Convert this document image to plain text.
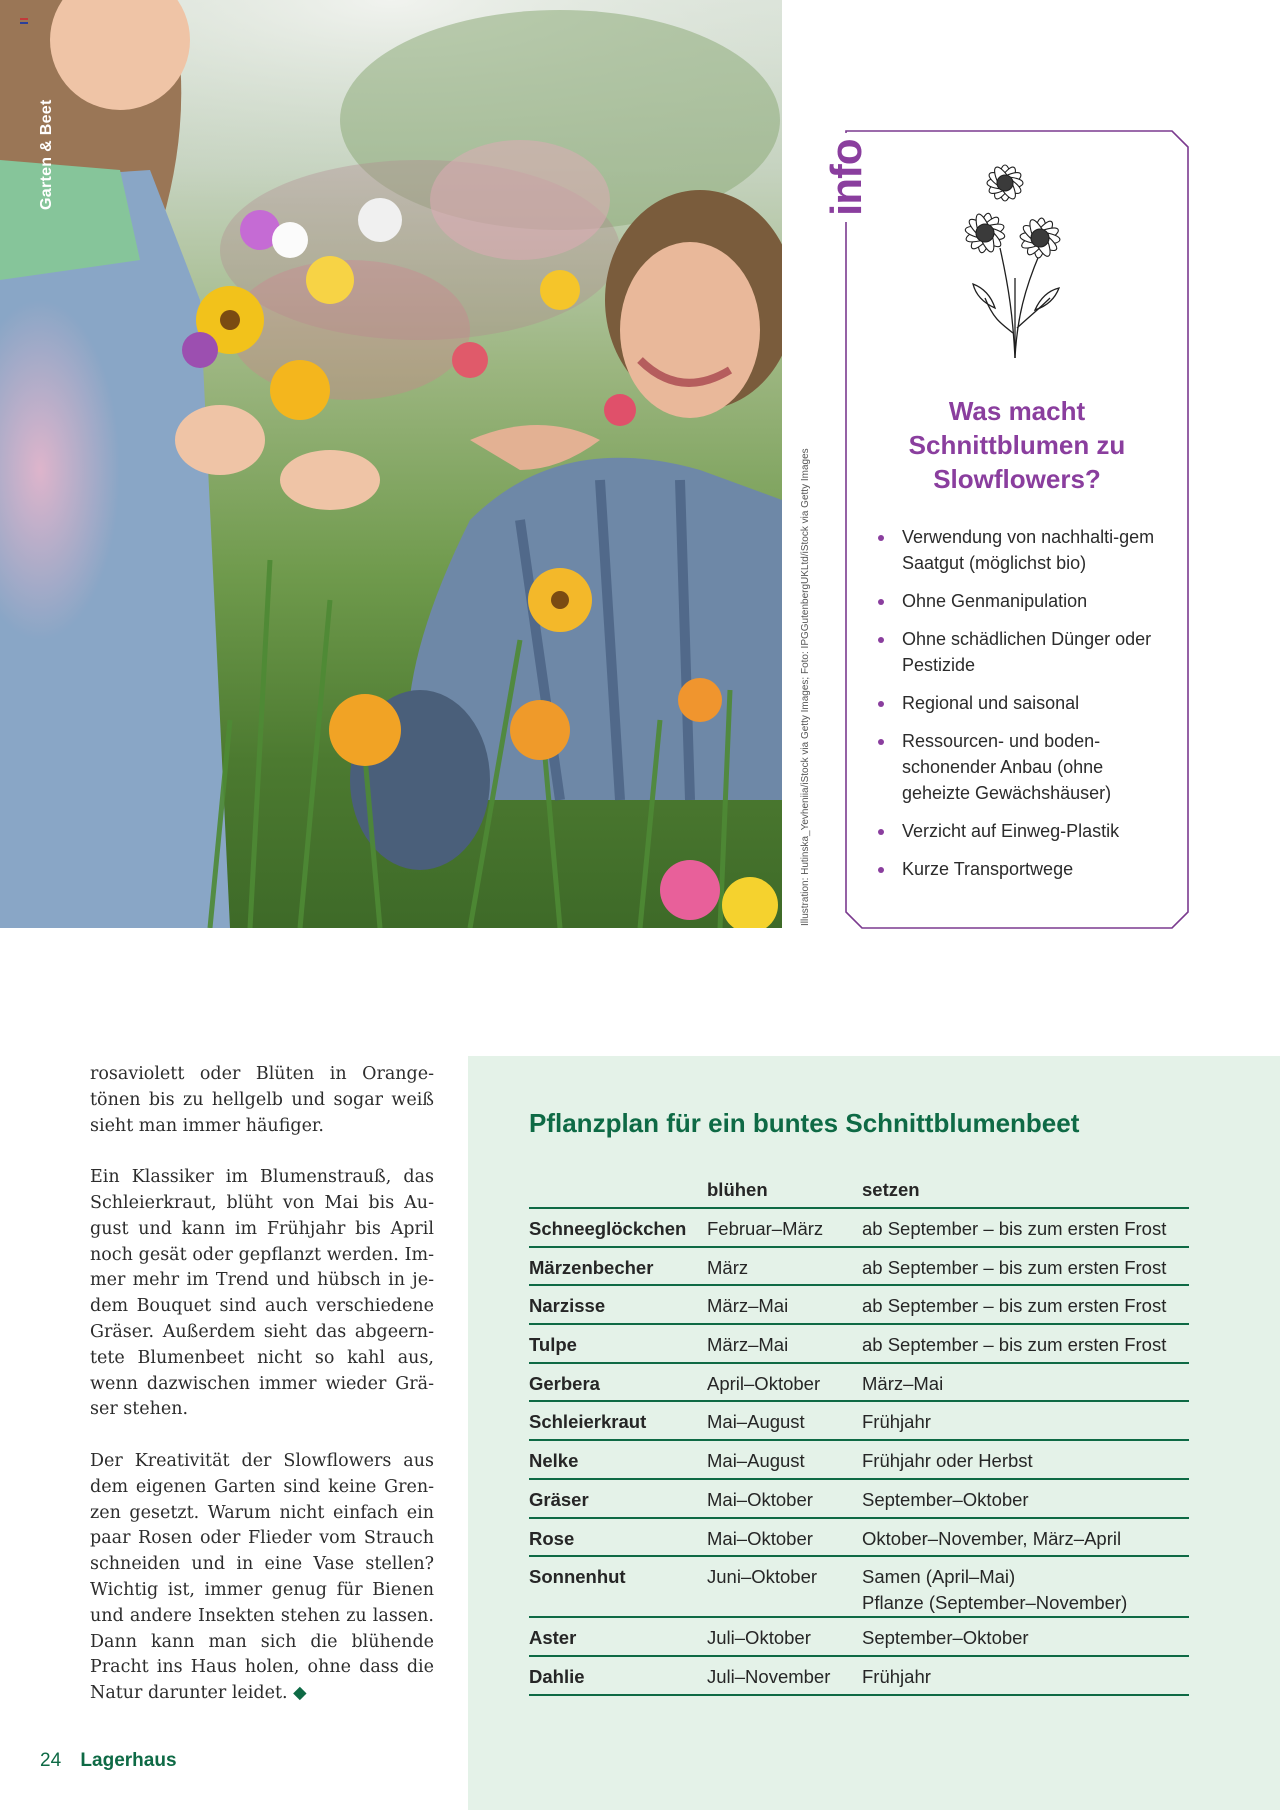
Garten & Beet
Illustration: Hutinska_Yevheniia/iStock via Getty Images; Foto: IPGGutenbergUKLtd/iStock via Getty Images
info
Was macht Schnittblumen zu Slowflowers?
Verwendung von nachhalti-gem Saatgut (möglichst bio)
Ohne Genmanipulation
Ohne schädlichen Dünger oder Pestizide
Regional und saisonal
Ressourcen- und boden-schonender Anbau (ohne geheizte Gewächshäuser)
Verzicht auf Einweg-Plastik
Kurze Transportwege

rosaviolett oder Blüten in Orange-tönen bis zu hellgelb und sogar weiß sieht man immer häufiger.

Ein Klassiker im Blumenstrauß, das Schleierkraut, blüht von Mai bis Au-gust und kann im Frühjahr bis April noch gesät oder gepflanzt werden. Im-mer mehr im Trend und hübsch in je-dem Bouquet sind auch verschiedene Gräser. Außerdem sieht das abgeern-tete Blumenbeet nicht so kahl aus, wenn dazwischen immer wieder Grä-ser stehen.

Der Kreativität der Slowflowers aus dem eigenen Garten sind keine Gren-zen gesetzt. Warum nicht einfach ein paar Rosen oder Flieder vom Strauch schneiden und in eine Vase stellen? Wichtig ist, immer genug für Bienen und andere Insekten stehen zu lassen. Dann kann man sich die blühende Pracht ins Haus holen, ohne dass die Natur darunter leidet. ◆

Pflanzplan für ein buntes Schnittblumenbeet
	blühen	setzen
Schneeglöckchen	Februar–März	ab September – bis zum ersten Frost
Märzenbecher	März	ab September – bis zum ersten Frost
Narzisse	März–Mai	ab September – bis zum ersten Frost
Tulpe	März–Mai	ab September – bis zum ersten Frost
Gerbera	April–Oktober	März–Mai
Schleierkraut	Mai–August	Frühjahr
Nelke	Mai–August	Frühjahr oder Herbst
Gräser	Mai–Oktober	September–Oktober
Rose	Mai–Oktober	Oktober–November, März–April
Sonnenhut	Juni–Oktober	Samen (April–Mai)
Pflanze (September–November)

Aster	Juli–Oktober	September–Oktober
Dahlie	Juli–November	Frühjahr
24 Lagerhaus
